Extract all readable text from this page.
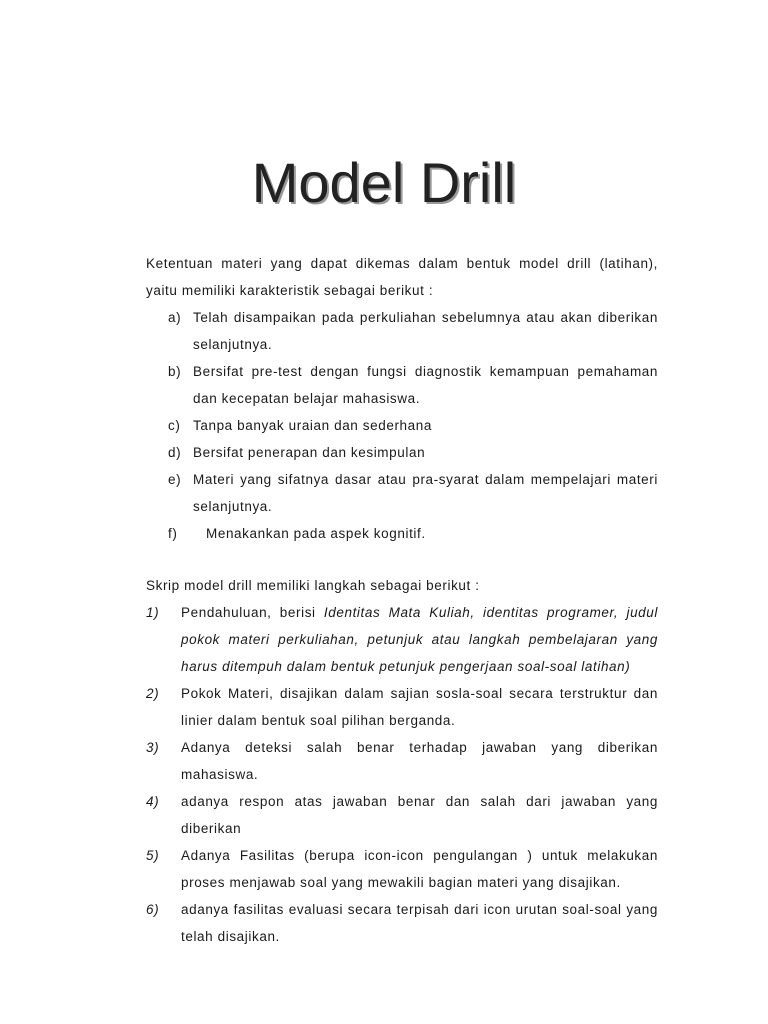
Model Drill
Ketentuan materi yang dapat dikemas dalam bentuk model drill (latihan), yaitu memiliki karakteristik sebagai berikut :
a) Telah disampaikan pada perkuliahan sebelumnya atau akan diberikan selanjutnya.
b) Bersifat pre-test dengan fungsi diagnostik kemampuan pemahaman dan kecepatan belajar mahasiswa.
c) Tanpa banyak uraian dan sederhana
d) Bersifat penerapan dan kesimpulan
e) Materi yang sifatnya dasar atau pra-syarat dalam mempelajari materi selanjutnya.
f)	Menakankan pada aspek kognitif.
Skrip model drill memiliki langkah sebagai berikut :
1)	Pendahuluan, berisi Identitas Mata Kuliah, identitas programer, judul pokok materi perkuliahan, petunjuk atau langkah pembelajaran yang harus ditempuh dalam bentuk petunjuk pengerjaan soal-soal latihan)
2)	Pokok Materi, disajikan dalam sajian sosla-soal secara terstruktur dan linier dalam bentuk soal pilihan berganda.
3)	Adanya deteksi salah benar terhadap jawaban yang diberikan mahasiswa.
4)	adanya respon atas jawaban benar dan salah dari jawaban yang diberikan
5)	Adanya Fasilitas (berupa icon-icon pengulangan ) untuk melakukan proses menjawab soal yang mewakili bagian materi yang disajikan.
6)	adanya fasilitas evaluasi secara terpisah dari icon urutan soal-soal yang telah disajikan.
